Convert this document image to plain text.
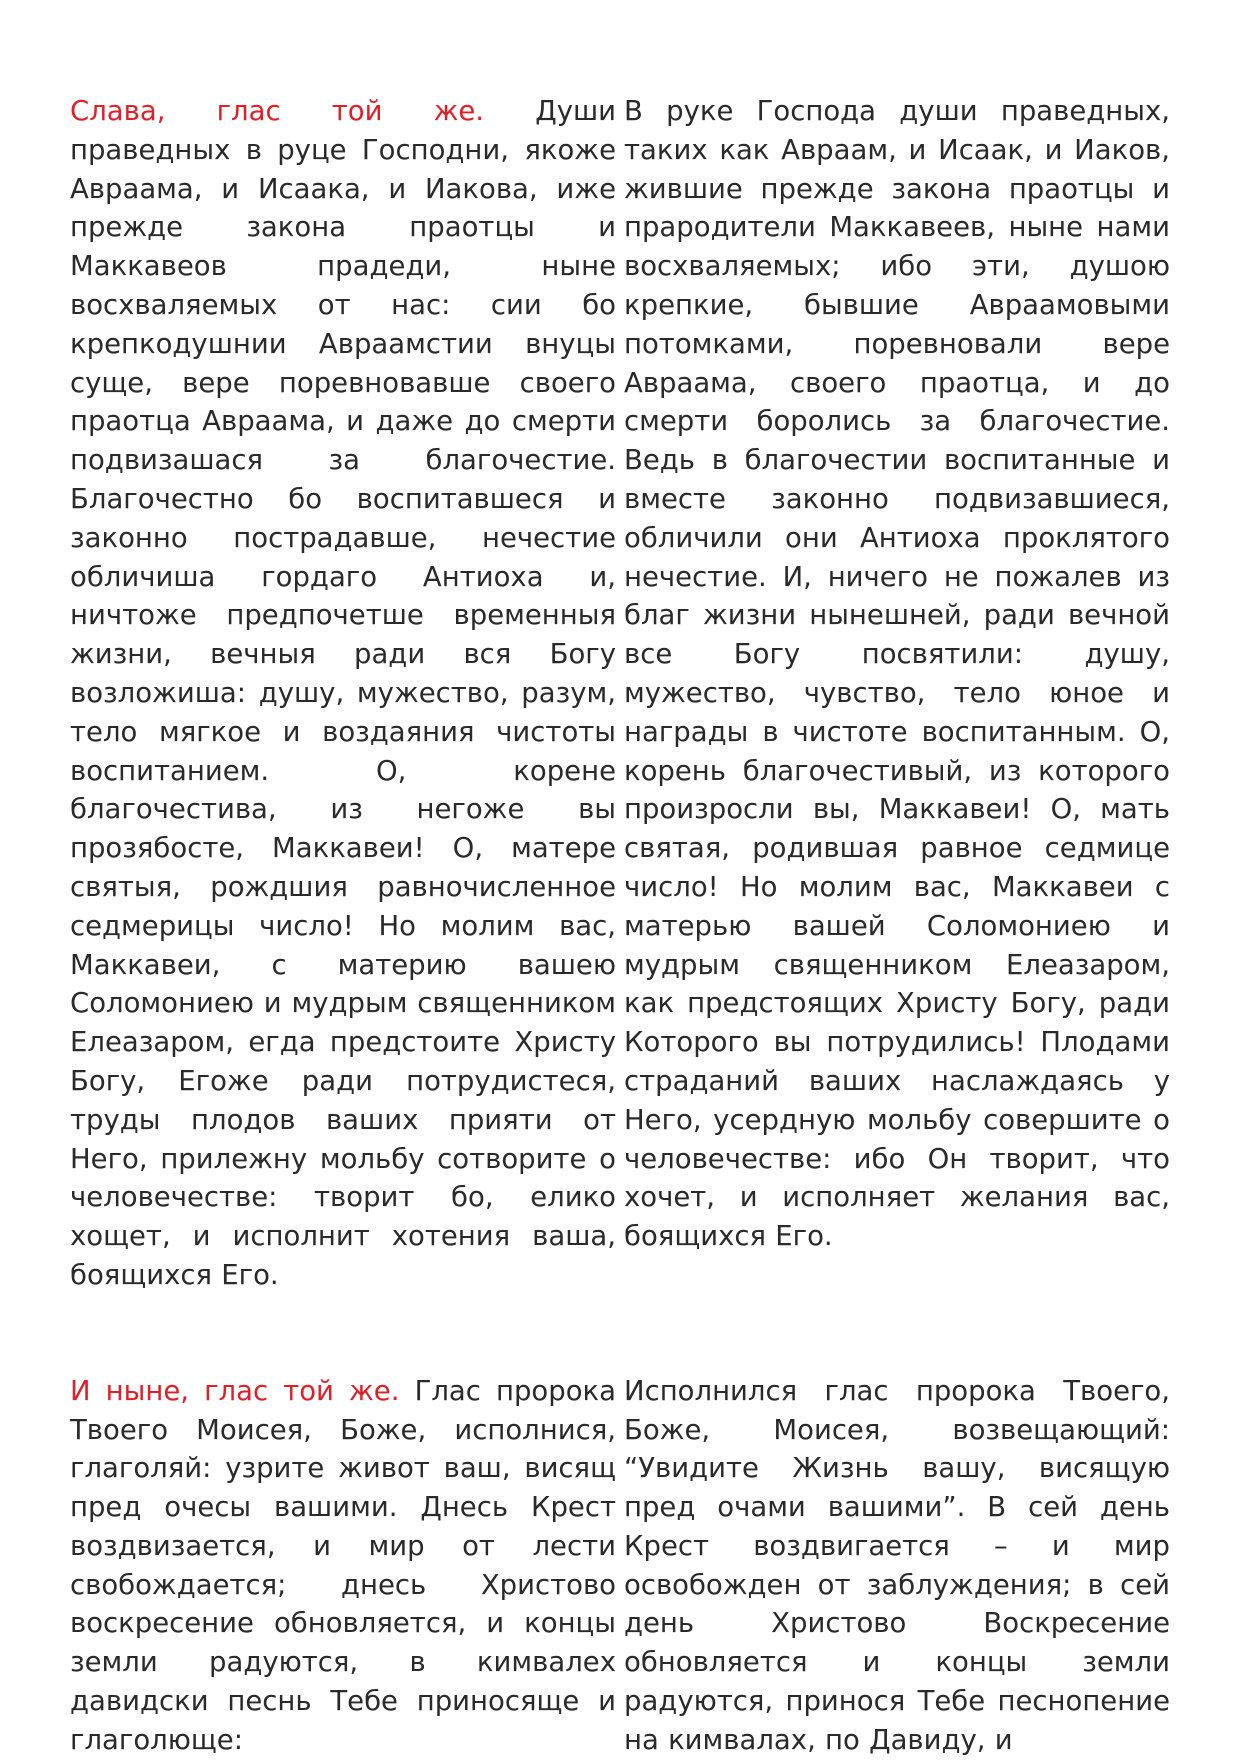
Слава, глас той же. Души праведных в руце Господни, якоже Авраама, и Исаака, и Иакова, иже прежде закона праотцы и Маккавеов прадеди, ныне восхваляемых от нас: сии бо крепкодушнии Авраамстии внуцы суще, вере поревновавше своего праотца Авраама, и даже до смерти подвизашася за благочестие. Благочестно бо воспитавшеся и законно пострадавше, нечестие обличиша гордаго Антиоха и, ничтоже предпочетше временныя жизни, вечныя ради вся Богу возложиша: душу, мужество, разум, тело мягкое и воздаяния чистоты воспитанием. О, корене благочестива, из негоже вы прозябосте, Маккавеи! О, матере святыя, рождшия равночисленное седмерицы число! Но молим вас, Маккавеи, с материю вашею Соломониею и мудрым священником Елеазаром, егда предстоите Христу Богу, Егоже ради потрудистеся, труды плодов ваших прияти от Него, прилежну мольбу сотворите о человечестве: творит бо, елико хощет, и исполнит хотения ваша, боящихся Его.

В руке Господа души праведных, таких как Авраам, и Исаак, и Иаков, жившие прежде закона праотцы и прародители Маккавеев, ныне нами восхваляемых; ибо эти, душою крепкие, бывшие Авраамовыми потомками, поревновали вере Авраама, своего праотца, и до смерти боролись за благочестие. Ведь в благочестии воспитанные и вместе законно подвизавшиеся, обличили они Антиоха проклятого нечестие. И, ничего не пожалев из благ жизни нынешней, ради вечной все Богу посвятили: душу, мужество, чувство, тело юное и награды в чистоте воспитанным. О, корень благочестивый, из которого произросли вы, Маккавеи! О, мать святая, родившая равное седмице число! Но молим вас, Маккавеи с матерью вашей Соломониею и мудрым священником Елеазаром, как предстоящих Христу Богу, ради Которого вы потрудились! Плодами страданий ваших наслаждаясь у Него, усердную мольбу совершите о человечестве: ибо Он творит, что хочет, и исполняет желания вас, боящихся Его.

И ныне, глас той же. Глас пророка Твоего Моисея, Боже, исполнися, глаголяй: узрите живот ваш, висящ пред очесы вашими. Днесь Крест воздвизается, и мир от лести свобождается; днесь Христово воскресение обновляется, и концы земли радуются, в кимвалех давидски песнь Тебе приносяще и глаголюще:

Исполнился глас пророка Твоего, Боже, Моисея, возвещающий: “Увидите Жизнь вашу, висящую пред очами вашими”. В сей день Крест воздвигается – и мир освобожден от заблуждения; в сей день Христово Воскресение обновляется и концы земли радуются, принося Тебе песнопение на кимвалах, по Давиду, и
